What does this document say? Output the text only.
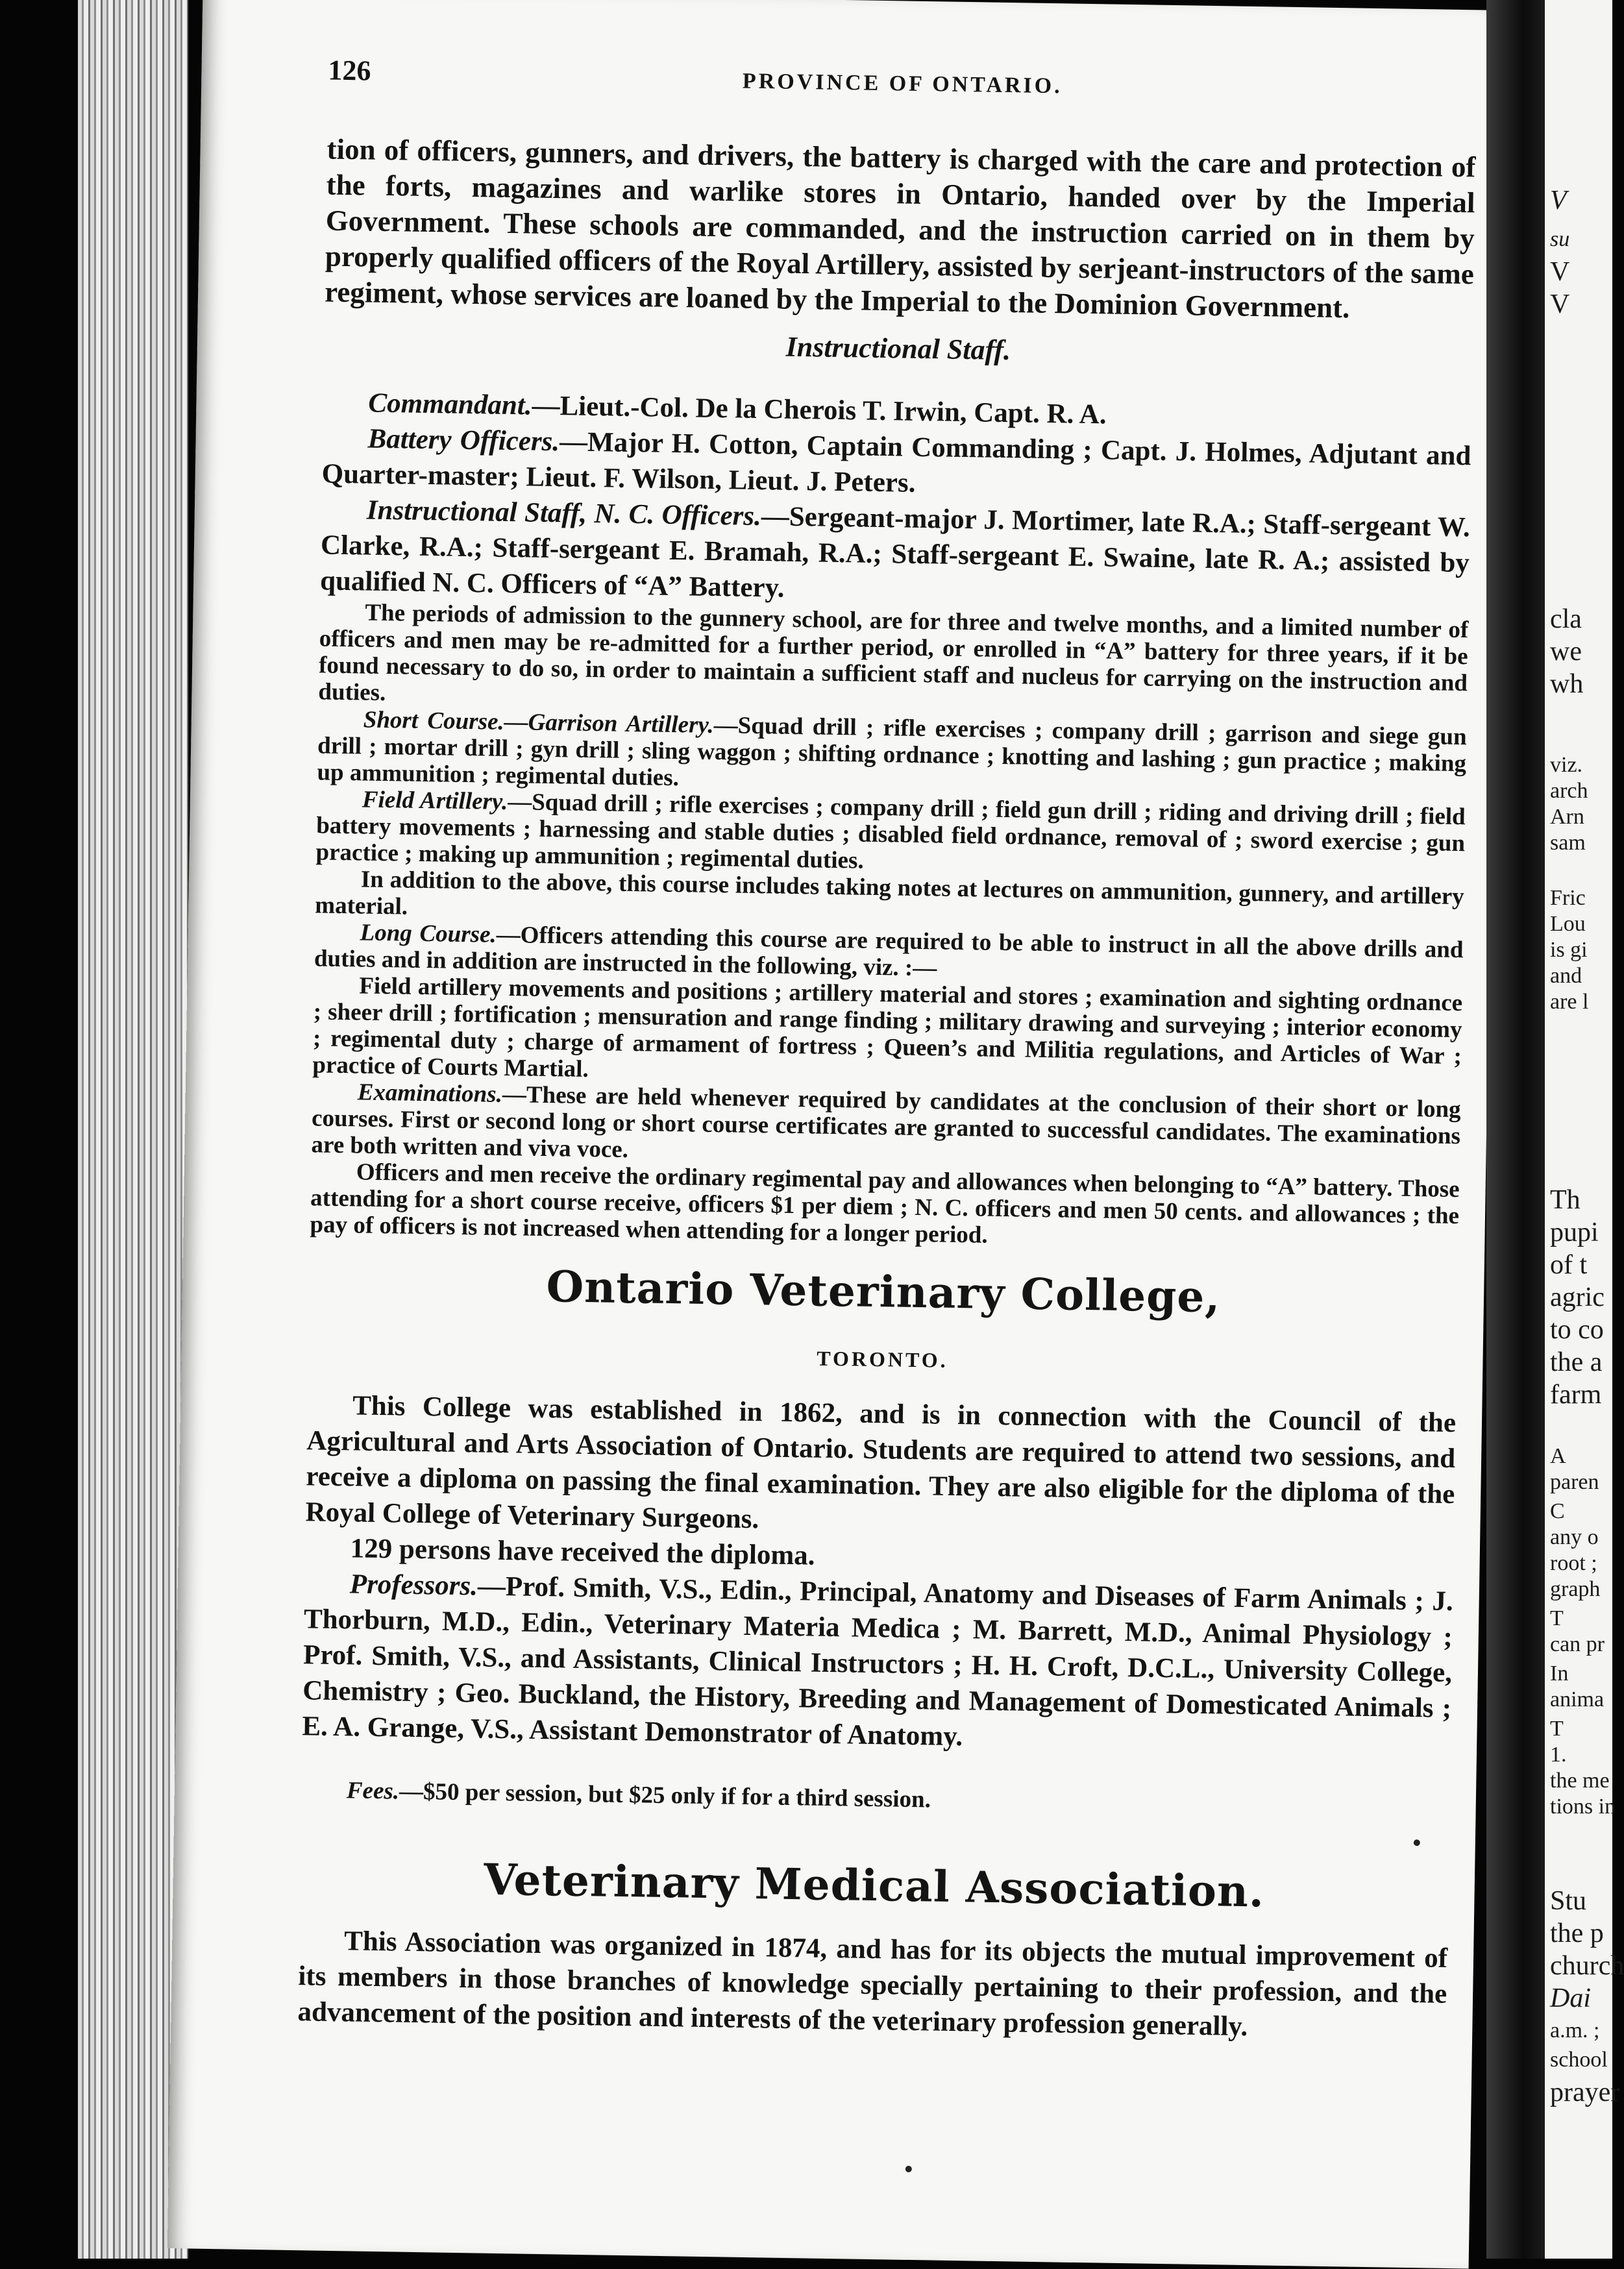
126	PROVINCE OF ONTARIO.
tion of officers, gunners, and drivers, the battery is charged with the care and protection of the forts, magazines and warlike stores in Ontario, handed over by the Imperial Government. These schools are commanded, and the instruction carried on in them by properly qualified officers of the Royal Artillery, assisted by serjeant-instructors of the same regiment, whose services are loaned by the Imperial to the Dominion Government.
Instructional Staff.
Commandant.—Lieut.-Col. De la Cherois T. Irwin, Capt. R. A.
Battery Officers.—Major H. Cotton, Captain Commanding ; Capt. J. Holmes, Adjutant and Quarter-master; Lieut. F. Wilson, Lieut. J. Peters.
Instructional Staff, N. C. Officers.—Sergeant-major J. Mortimer, late R.A.; Staff-sergeant W. Clarke, R.A.; Staff-sergeant E. Bramah, R.A.; Staff-sergeant E. Swaine, late R. A.; assisted by qualified N. C. Officers of “A” Battery.
The periods of admission to the gunnery school, are for three and twelve months, and a limited number of officers and men may be re-admitted for a further period, or enrolled in “A” battery for three years, if it be found necessary to do so, in order to maintain a sufficient staff and nucleus for carrying on the instruction and duties.
Short Course.—Garrison Artillery.—Squad drill ; rifle exercises ; company drill ; garrison and siege gun drill ; mortar drill ; gyn drill ; sling waggon ; shifting ordnance ; knotting and lashing ; gun practice ; making up ammunition ; regimental duties.
Field Artillery.—Squad drill ; rifle exercises ; company drill ; field gun drill ; riding and driving drill ; field battery movements ; harnessing and stable duties ; disabled field ordnance, removal of ; sword exercise ; gun practice ; making up ammunition ; regimental duties.
In addition to the above, this course includes taking notes at lectures on ammunition, gunnery, and artillery material.
Long Course.—Officers attending this course are required to be able to instruct in all the above drills and duties and in addition are instructed in the following, viz. :—
Field artillery movements and positions ; artillery material and stores ; examination and sighting ordnance ; sheer drill ; fortification ; mensuration and range finding ; military drawing and surveying ; interior economy ; regimental duty ; charge of armament of fortress ; Queen’s and Militia regulations, and Articles of War ; practice of Courts Martial.
Examinations.—These are held whenever required by candidates at the conclusion of their short or long courses. First or second long or short course certificates are granted to successful candidates. The examinations are both written and viva voce.
Officers and men receive the ordinary regimental pay and allowances when belonging to “A” battery. Those attending for a short course receive, officers $1 per diem ; N. C. officers and men 50 cents. and allowances ; the pay of officers is not increased when attending for a longer period.
Ontario Veterinary College,
TORONTO.
This College was established in 1862, and is in connection with the Council of the Agricultural and Arts Association of Ontario. Students are required to attend two sessions, and receive a diploma on passing the final examination. They are also eligible for the diploma of the Royal College of Veterinary Surgeons.
129 persons have received the diploma.
Professors.—Prof. Smith, V.S., Edin., Principal, Anatomy and Diseases of Farm Animals ; J. Thorburn, M.D., Edin., Veterinary Materia Medica ; M. Barrett, M.D., Animal Physiology ; Prof. Smith, V.S., and Assistants, Clinical Instructors ; H. H. Croft, D.C.L., University College, Chemistry ; Geo. Buckland, the History, Breeding and Management of Domesticated Animals ; E. A. Grange, V.S., Assistant Demonstrator of Anatomy.
Fees.—$50 per session, but $25 only if for a third session.
Veterinary Medical Association.
This Association was organized in 1874, and has for its objects the mutual improvement of its members in those branches of knowledge specially pertaining to their profession, and the advancement of the position and interests of the veterinary profession generally.
V
su
V
V
cla
we
wh
viz.
arch
Arn
sam
Fric
Lou
is gi
and
are l
Th
pupi
of t
agric
to co
the a
farm
A
paren
C
any o
root ;
graph
T
can pr
In
anima
T
1.
the me
tions in
Stu
the p
church
Dai
a.m. ;
school
prayer
